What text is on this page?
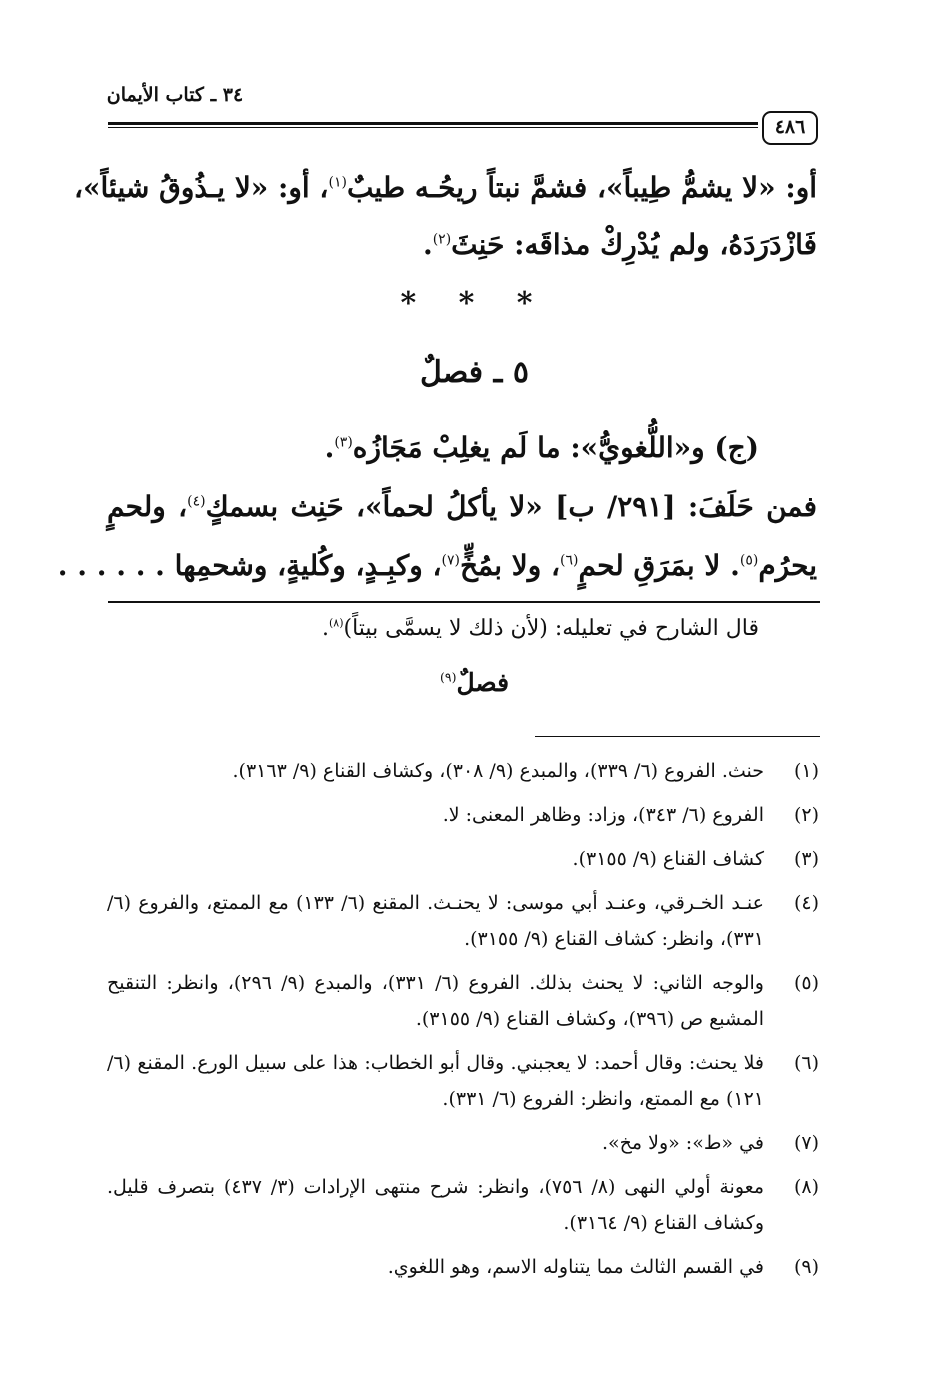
٣٤ ـ كتاب الأيمان
٤٨٦
أو: «لا يشمُّ طِيباً»، فشمَّ نبتاً ريحُـه طيبٌ$^{(١)}$، أو: «لا يـذُوقُ شيئاً»،
فَازْدَرَدَهُ، ولم يُدْرِكْ مذاقَه: حَنِثَ$^{(٢)}$.
* * *
٥ ـ فصلٌ
(ج) و«اللُّغويُّ»: ما لَم يغلِبْ مَجَازُه$^{(٣)}$.
فمن حَلَفَ: [٢٩١/ ب] «لا يأكلُ لحماً»، حَنِث بسمكٍ$^{(٤)}$، ولحمٍ
يحرُم$^{(٥)}$. لا بمَرَقِ لحمٍ$^{(٦)}$، ولا بمُخٍّ$^{(٧)}$، وكبِـدٍ، وكُليةٍ، وشحمِها . . . . . .
قال الشارح في تعليله: (لأن ذلك لا يسمَّى بيتاً)$^{(٨)}$.
فصلٌ$^{(٩)}$
(١)
حنث. الفروع (٦/ ٣٣٩)، والمبدع (٩/ ٣٠٨)، وكشاف القناع (٩/ ٣١٦٣).
(٢)
الفروع (٦/ ٣٤٣)، وزاد: وظاهر المعنى: لا.
(٣)
كشاف القناع (٩/ ٣١٥٥).
(٤)
عنـد الخـرقي، وعنـد أبي موسى: لا يحنـث. المقنع (٦/ ١٣٣) مع الممتع، والفروع (٦/ ٣٣١)، وانظر: كشاف القناع (٩/ ٣١٥٥).
(٥)
والوجه الثاني: لا يحنث بذلك. الفروع (٦/ ٣٣١)، والمبدع (٩/ ٢٩٦)، وانظر: التنقيح المشبع ص (٣٩٦)، وكشاف القناع (٩/ ٣١٥٥).
(٦)
فلا يحنث: وقال أحمد: لا يعجبني. وقال أبو الخطاب: هذا على سبيل الورع. المقنع (٦/ ١٢١) مع الممتع، وانظر: الفروع (٦/ ٣٣١).
(٧)
في «ط»: «ولا مخ».
(٨)
معونة أولي النهى (٨/ ٧٥٦)، وانظر: شرح منتهى الإرادات (٣/ ٤٣٧) بتصرف قليل. وكشاف القناع (٩/ ٣١٦٤).
(٩)
في القسم الثالث مما يتناوله الاسم، وهو اللغوي.
